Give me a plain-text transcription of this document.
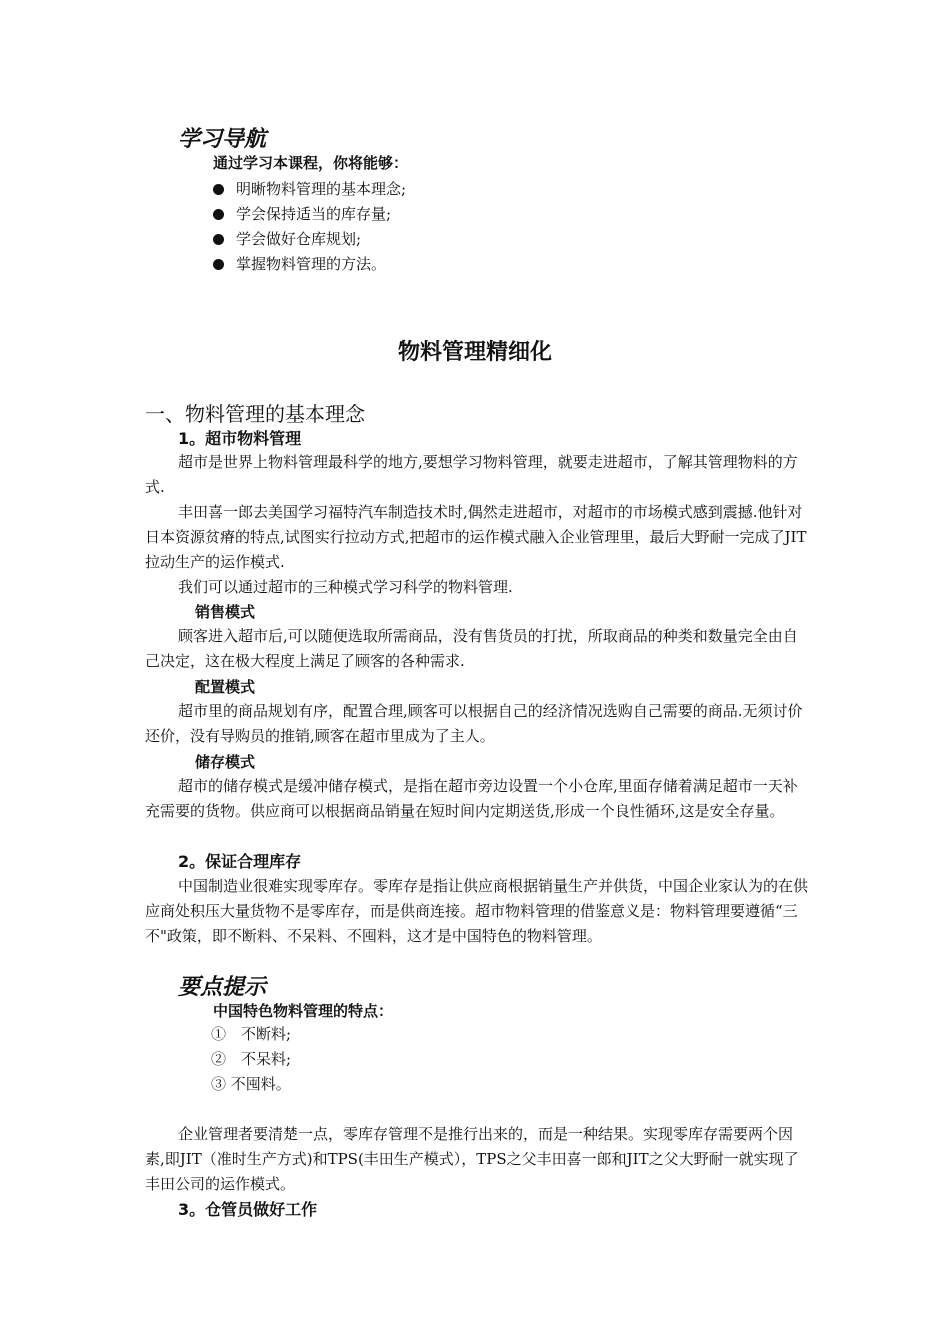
学习导航
通过学习本课程，你将能够：
明晰物料管理的基本理念;
学会保持适当的库存量;
学会做好仓库规划;
掌握物料管理的方法。
物料管理精细化
一、物料管理的基本理念
1。超市物料管理
超市是世界上物料管理最科学的地方,要想学习物料管理，就要走进超市，了解其管理物料的方式.
丰田喜一郎去美国学习福特汽车制造技术时,偶然走进超市，对超市的市场模式感到震撼.他针对日本资源贫瘠的特点,试图实行拉动方式,把超市的运作模式融入企业管理里，最后大野耐一完成了JIT拉动生产的运作模式.
我们可以通过超市的三种模式学习科学的物料管理.
销售模式
顾客进入超市后,可以随便选取所需商品，没有售货员的打扰，所取商品的种类和数量完全由自己决定，这在极大程度上满足了顾客的各种需求.
配置模式
超市里的商品规划有序，配置合理,顾客可以根据自己的经济情况选购自己需要的商品.无须讨价还价，没有导购员的推销,顾客在超市里成为了主人。
储存模式
超市的储存模式是缓冲储存模式，是指在超市旁边设置一个小仓库,里面存储着满足超市一天补充需要的货物。供应商可以根据商品销量在短时间内定期送货,形成一个良性循环,这是安全存量。
2。保证合理库存
中国制造业很难实现零库存。零库存是指让供应商根据销量生产并供货，中国企业家认为的在供应商处积压大量货物不是零库存，而是供商连接。超市物料管理的借鉴意义是：物料管理要遵循“三不"政策，即不断料、不呆料、不囤料，这才是中国特色的物料管理。
要点提示
中国特色物料管理的特点：
①　不断料;
②　不呆料;
③ 不囤料。
企业管理者要清楚一点，零库存管理不是推行出来的，而是一种结果。实现零库存需要两个因素,即JIT（准时生产方式)和TPS(丰田生产模式），TPS之父丰田喜一郎和JIT之父大野耐一就实现了丰田公司的运作模式。
3。仓管员做好工作
